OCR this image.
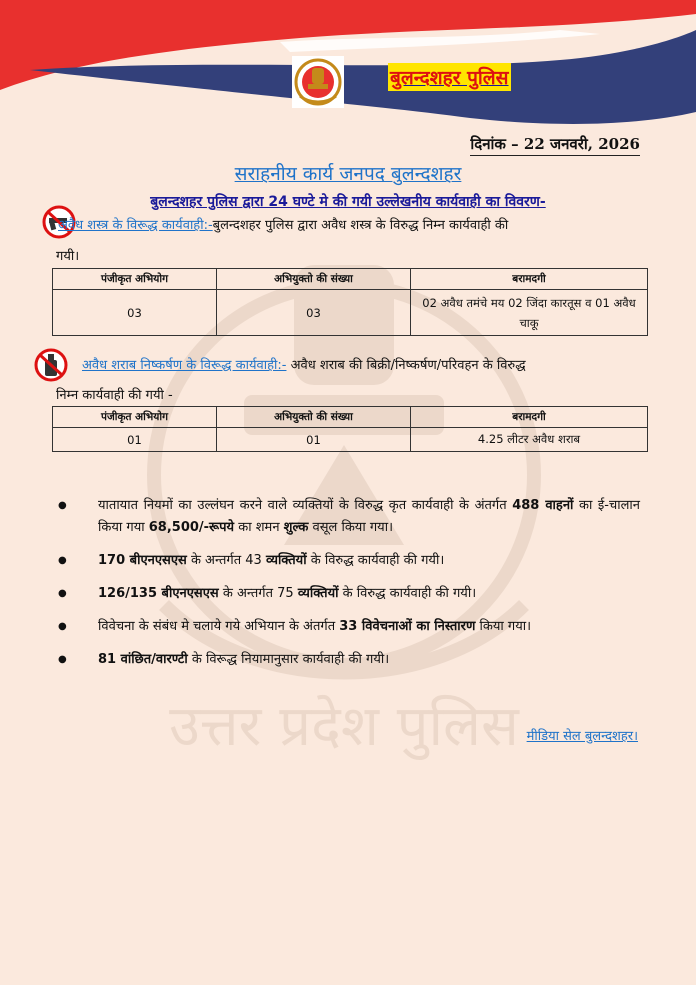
उत्तर प्रदेश पुलिस
बुलन्दशहर पुलिस
दिनांक – 22 जनवरी, 2026
सराहनीय कार्य जनपद बुलन्दशहर
बुलन्दशहर पुलिस द्वारा 24 घण्टे मे की गयी उल्लेखनीय कार्यवाही का विवरण-
अवैध शस्त्र के विरूद्ध कार्यवाही:-बुलन्दशहर पुलिस द्वारा अवैध शस्त्र के विरुद्ध निम्न कार्यवाही की
गयी।
पंजीकृत अभियोग	अभियुक्तो की संख्या	बरामदगी
03	03	02 अवैध तमंचे मय 02 जिंदा कारतूस व 01 अवैध चाकू
अवैध शराब निष्कर्षण के विरूद्ध कार्यवाही:- अवैध शराब की बिक्री/निष्कर्षण/परिवहन के विरुद्ध
निम्न कार्यवाही की गयी -
पंजीकृत अभियोग	अभियुक्तो की संख्या	बरामदगी
01	01	4.25 लीटर अवैध शराब
● यातायात नियमों का उल्लंघन करने वाले व्यक्तियों के विरुद्ध कृत कार्यवाही के अंतर्गत 488 वाहनों का ई-चालान किया गया 68,500/-रूपये का शमन शुल्क वसूल किया गया।
● 170 बीएनएसएस के अन्तर्गत 43 व्यक्तियों के विरुद्ध कार्यवाही की गयी।
● 126/135 बीएनएसएस के अन्तर्गत 75 व्यक्तियों के विरुद्ध कार्यवाही की गयी।
● विवेचना के संबंध मे चलाये गये अभियान के अंतर्गत 33 विवेचनाओं का निस्तारण किया गया।
● 81 वांछित/वारण्टी के विरूद्ध नियामानुसार कार्यवाही की गयी।
मीडिया सेल बुलन्दशहर।
